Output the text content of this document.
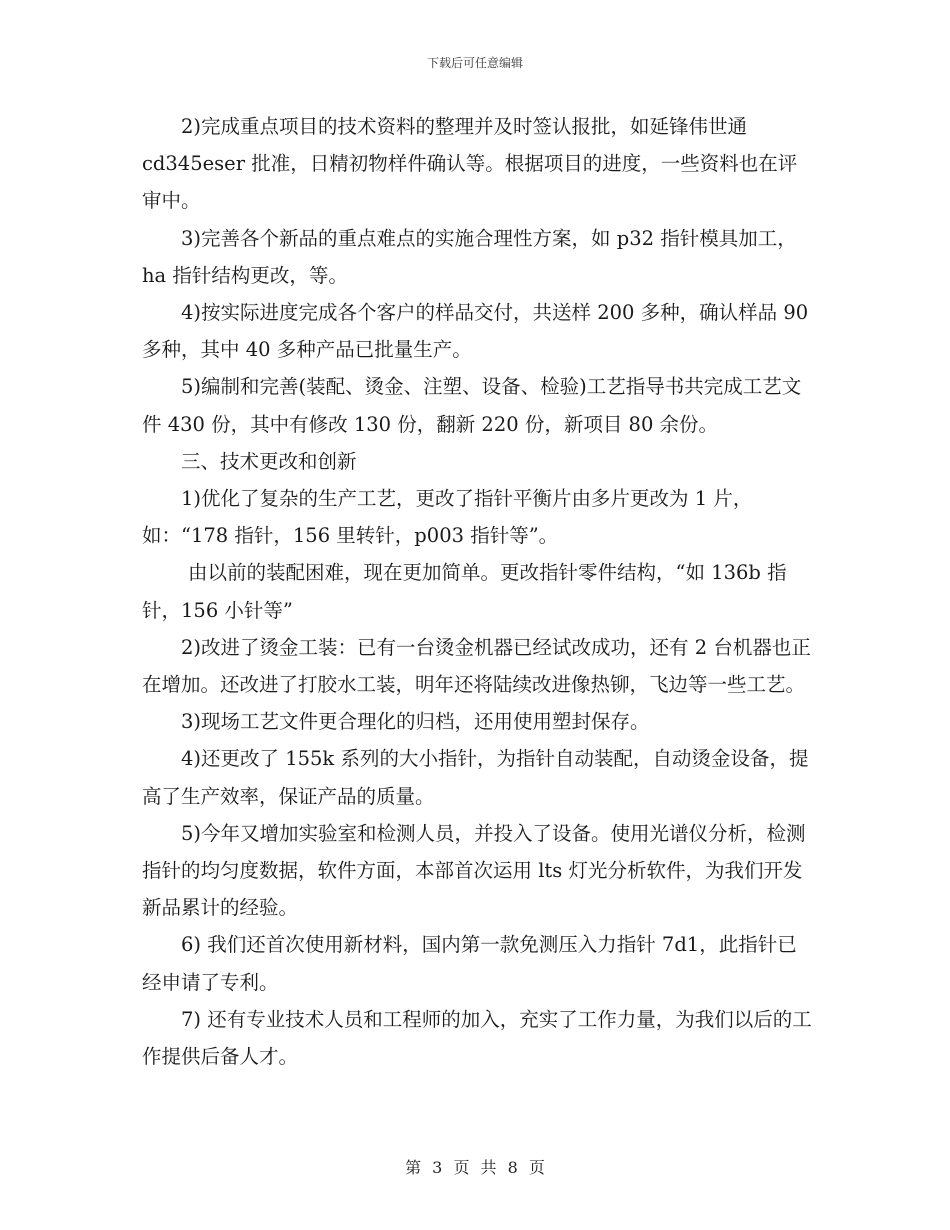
下载后可任意编辑

2)完成重点项目的技术资料的整理并及时签认报批，如延锋伟世通 cd345eser 批准，日精初物样件确认等。根据项目的进度，一些资料也在评审中。

3)完善各个新品的重点难点的实施合理性方案，如 p32 指针模具加工，ha 指针结构更改，等。

4)按实际进度完成各个客户的样品交付，共送样 200 多种，确认样品 90 多种，其中 40 多种产品已批量生产。

5)编制和完善(装配、烫金、注塑、设备、检验)工艺指导书共完成工艺文件 430 份，其中有修改 130 份，翻新 220 份，新项目 80 余份。

三、技术更改和创新

1)优化了复杂的生产工艺，更改了指针平衡片由多片更改为 1 片，如：“178 指针，156 里转针，p003 指针等”。

由以前的装配困难，现在更加简单。更改指针零件结构，“如 136b 指针，156 小针等”

2)改进了烫金工装：已有一台烫金机器已经试改成功，还有 2 台机器也正在增加。还改进了打胶水工装，明年还将陆续改进像热铆，飞边等一些工艺。

3)现场工艺文件更合理化的归档，还用使用塑封保存。

4)还更改了 155k 系列的大小指针，为指针自动装配，自动烫金设备，提高了生产效率，保证产品的质量。

5)今年又增加实验室和检测人员，并投入了设备。使用光谱仪分析，检测指针的均匀度数据，软件方面，本部首次运用 lts 灯光分析软件，为我们开发新品累计的经验。

6) 我们还首次使用新材料，国内第一款免测压入力指针 7d1，此指针已经申请了专利。

7) 还有专业技术人员和工程师的加入，充实了工作力量，为我们以后的工作提供后备人才。

第 3 页 共 8 页
